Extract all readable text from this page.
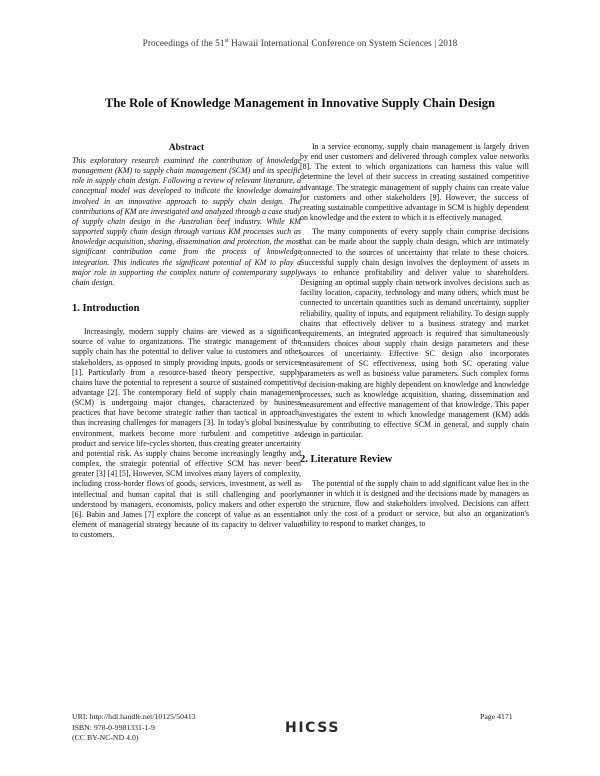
Proceedings of the 51st Hawaii International Conference on System Sciences | 2018
The Role of Knowledge Management in Innovative Supply Chain Design

Abstract

This exploratory research examined the contribution of knowledge management (KM) to supply chain management (SCM) and its specific role in supply chain design. Following a review of relevant literature, a conceptual model was developed to indicate the knowledge domains involved in an innovative approach to supply chain design. The contributions of KM are investigated and analyzed through a case study of supply chain design in the Australian beef industry. While KM supported supply chain design through various KM processes such as knowledge acquisition, sharing, dissemination and protection, the most significant contribution came from the process of knowledge integration. This indicates the significant potential of KM to play a major role in supporting the complex nature of contemporary supply chain design.

1. Introduction

Increasingly, modern supply chains are viewed as a significant source of value to organizations. The strategic management of the supply chain has the potential to deliver value to customers and other stakeholders, as opposed to simply providing inputs, goods or services [1]. Particularly from a resource-based theory perspective, supply chains have the potential to represent a source of sustained competitive advantage [2]. The contemporary field of supply chain management (SCM) is undergoing major changes, characterized by business practices that have become strategic rather than tactical in approach, thus increasing challenges for managers [3]. In today's global business environment, markets become more turbulent and competitive as product and service life-cycles shorten, thus creating greater uncertainty and potential risk. As supply chains become increasingly lengthy and complex, the strategic potential of effective SCM has never been greater [3] [4] [5]. However, SCM involves many layers of complexity, including cross-border flows of goods, services, investment, as well as intellectual and human capital that is still challenging and poorly understood by managers, economists, policy makers and other experts [6]. Babin and James [7] explore the concept of value as an essential element of managerial strategy because of its capacity to deliver value to customers.

In a service economy, supply chain management is largely driven by end user customers and delivered through complex value networks [8]. The extent to which organizations can harness this value will determine the level of their success in creating sustained competitive advantage. The strategic management of supply chains can create value for customers and other stakeholders [9]. However, the success of creating sustainable competitive advantage in SCM is highly dependent on knowledge and the extent to which it is effectively managed.

The many components of every supply chain comprise decisions that can be made about the supply chain design, which are intimately connected to the sources of uncertainty that relate to these choices. Successful supply chain design involves the deployment of assets in ways to enhance profitability and deliver value to shareholders. Designing an optimal supply chain network involves decisions such as facility location, capacity, technology and many others, which must be connected to uncertain quantities such as demand uncertainty, supplier reliability, quality of inputs, and equipment reliability. To design supply chains that effectively deliver to a business strategy and market requirements, an integrated approach is required that simultaneously considers choices about supply chain design parameters and these sources of uncertainty. Effective SC design also incorporates measurement of SC effectiveness, using both SC operating value parameters as well as business value parameters. Such complex forms of decision-making are highly dependent on knowledge and knowledge processes, such as knowledge acquisition, sharing, dissemination and measurement and effective management of that knowledge. This paper investigates the extent to which knowledge management (KM) adds value by contributing to effective SCM in general, and supply chain design in particular.

2. Literature Review

The potential of the supply chain to add significant value lies in the manner in which it is designed and the decisions made by managers as to the structure, flow and stakeholders involved. Decisions can affect not only the cost of a product or service, but also an organization's ability to respond to market changes, to

URI: http://hdl.handle.net/10125/50413
ISBN: 978-0-9981331-1-9
(CC BY-NC-ND 4.0)
HICSS
Page 4171
